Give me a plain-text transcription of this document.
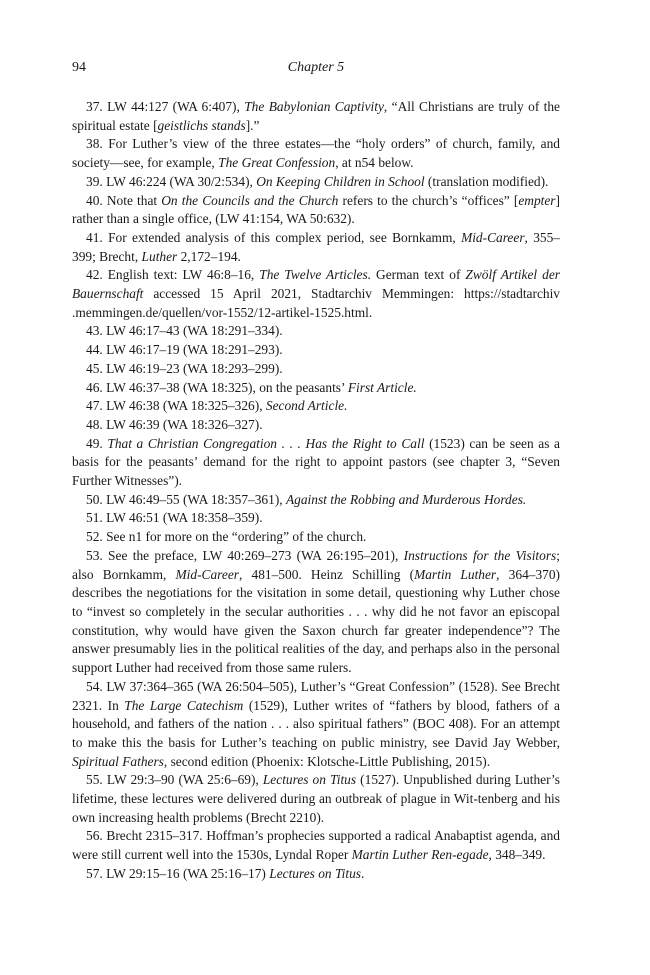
94	Chapter 5

37. LW 44:127 (WA 6:407), The Babylonian Captivity, “All Christians are truly of the spiritual estate [geistlichs stands].”

38. For Luther’s view of the three estates—the “holy orders” of church, family, and society—see, for example, The Great Confession, at n54 below.

39. LW 46:224 (WA 30/2:534), On Keeping Children in School (translation modified).

40. Note that On the Councils and the Church refers to the church’s “offices” [empter] rather than a single office, (LW 41:154, WA 50:632).

41. For extended analysis of this complex period, see Bornkamm, Mid-Career, 355–399; Brecht, Luther 2,172–194.

42. English text: LW 46:8–16, The Twelve Articles. German text of Zwölf Artikel der Bauernschaft accessed 15 April 2021, Stadtarchiv Memmingen: https://stadtarchiv .memmingen.de/quellen/vor-1552/12-artikel-1525.html.

43. LW 46:17–43 (WA 18:291–334).

44. LW 46:17–19 (WA 18:291–293).

45. LW 46:19–23 (WA 18:293–299).

46. LW 46:37–38 (WA 18:325), on the peasants’ First Article.

47. LW 46:38 (WA 18:325–326), Second Article.

48. LW 46:39 (WA 18:326–327).

49. That a Christian Congregation . . . Has the Right to Call (1523) can be seen as a basis for the peasants’ demand for the right to appoint pastors (see chapter 3, “Seven Further Witnesses”).

50. LW 46:49–55 (WA 18:357–361), Against the Robbing and Murderous Hordes.

51. LW 46:51 (WA 18:358–359).

52. See n1 for more on the “ordering” of the church.

53. See the preface, LW 40:269–273 (WA 26:195–201), Instructions for the Visitors; also Bornkamm, Mid-Career, 481–500. Heinz Schilling (Martin Luther, 364–370) describes the negotiations for the visitation in some detail, questioning why Luther chose to “invest so completely in the secular authorities . . . why did he not favor an episcopal constitution, why would have given the Saxon church far greater independence”? The answer presumably lies in the political realities of the day, and perhaps also in the personal support Luther had received from those same rulers.

54. LW 37:364–365 (WA 26:504–505), Luther’s “Great Confession” (1528). See Brecht 2321. In The Large Catechism (1529), Luther writes of “fathers by blood, fathers of a household, and fathers of the nation . . . also spiritual fathers” (BOC 408). For an attempt to make this the basis for Luther’s teaching on public ministry, see David Jay Webber, Spiritual Fathers, second edition (Phoenix: Klotsche-Little Publishing, 2015).

55. LW 29:3–90 (WA 25:6–69), Lectures on Titus (1527). Unpublished during Luther’s lifetime, these lectures were delivered during an outbreak of plague in Wit-tenberg and his own increasing health problems (Brecht 2210).

56. Brecht 2315–317. Hoffman’s prophecies supported a radical Anabaptist agenda, and were still current well into the 1530s, Lyndal Roper Martin Luther Ren-egade, 348–349.

57. LW 29:15–16 (WA 25:16–17) Lectures on Titus.
